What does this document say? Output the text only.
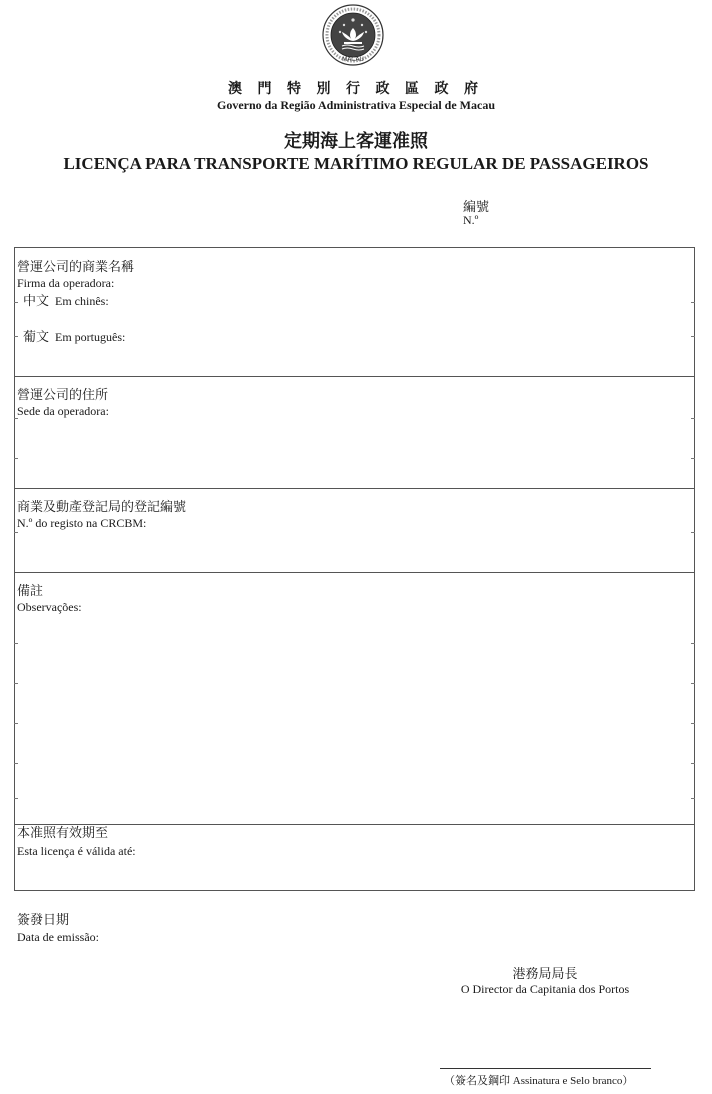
MACAU
澳 門 特 別 行 政 區 政 府
Governo da Região Administrativa Especial de Macau
定期海上客運准照
LICENÇA PARA TRANSPORTE MARÍTIMO REGULAR DE PASSAGEIROS
編號
N.º
營運公司的商業名稱
Firma da operadora:
中文 Em chinês:
葡文 Em português:
營運公司的住所
Sede da operadora:
商業及動產登記局的登記編號
N.º do registo na CRCBM:
備註
Observações:
本准照有效期至
Esta licença é válida até:
簽發日期
Data de emissão:
港務局局長
O Director da Capitania dos Portos
（簽名及鋼印 Assinatura e Selo branco）
